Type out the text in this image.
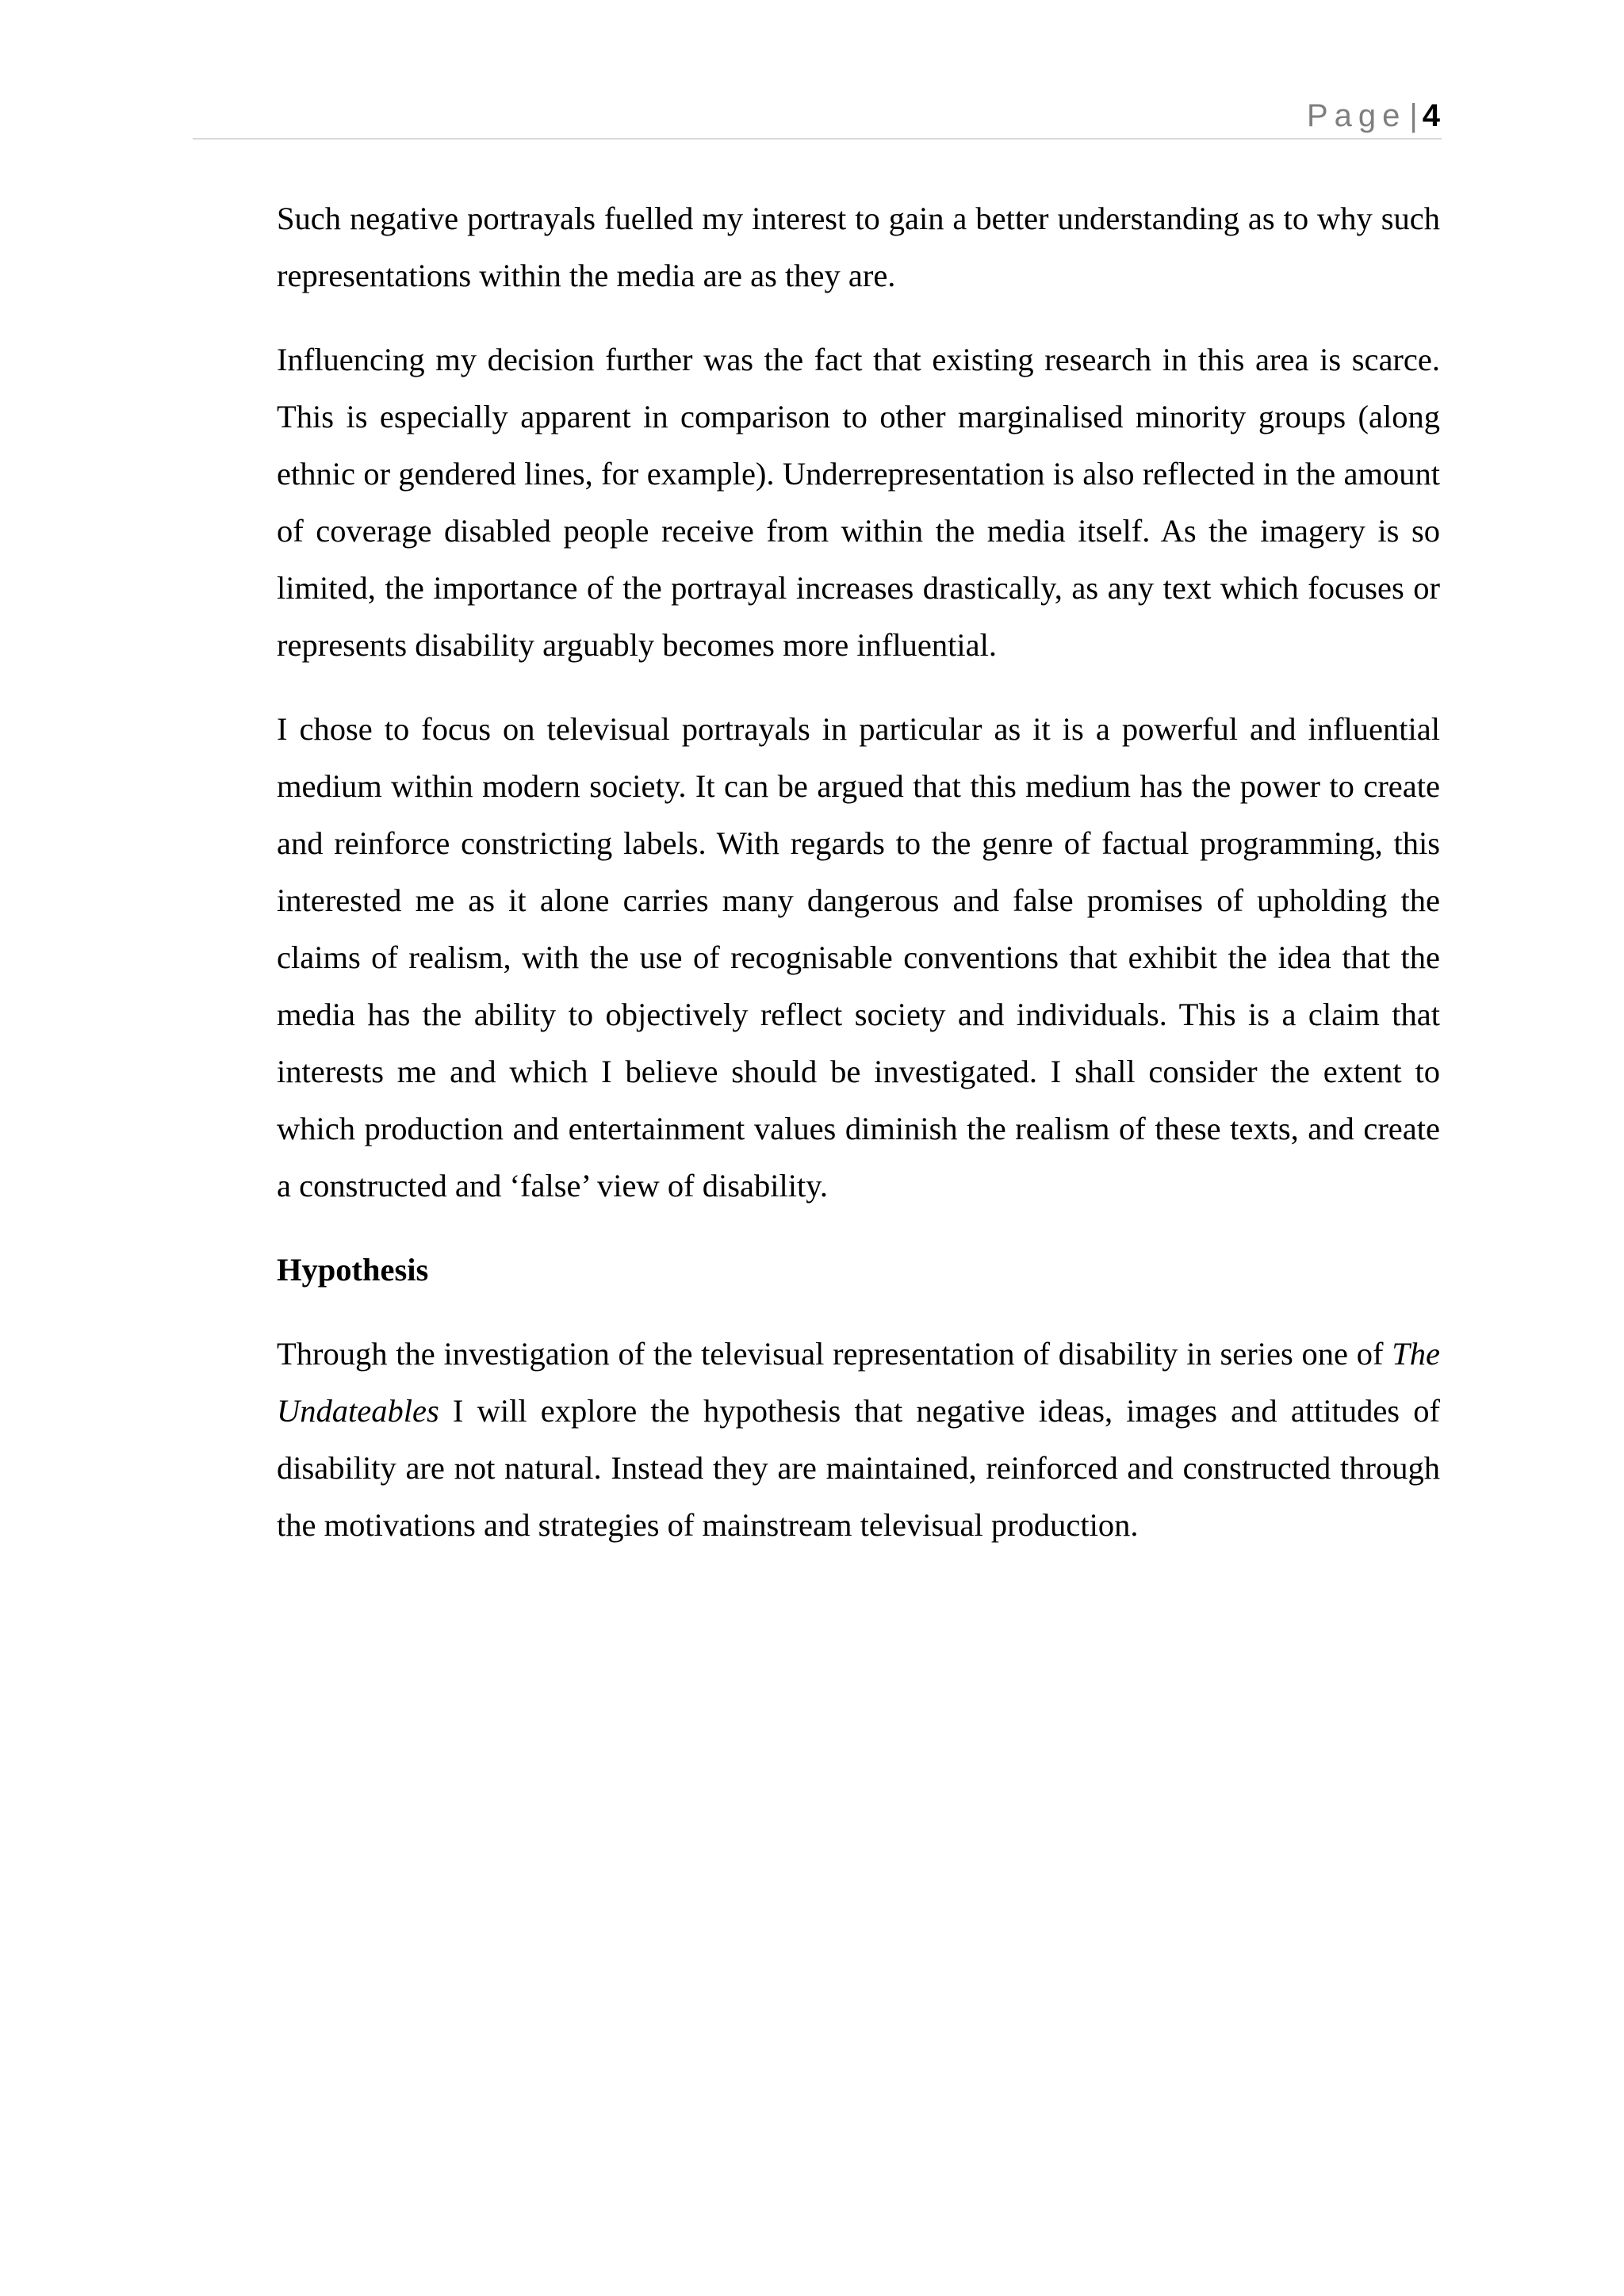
Page | 4

Such negative portrayals fuelled my interest to gain a better understanding as to why such representations within the media are as they are.

Influencing my decision further was the fact that existing research in this area is scarce. This is especially apparent in comparison to other marginalised minority groups (along ethnic or gendered lines, for example). Underrepresentation is also reflected in the amount of coverage disabled people receive from within the media itself. As the imagery is so limited, the importance of the portrayal increases drastically, as any text which focuses or represents disability arguably becomes more influential.

I chose to focus on televisual portrayals in particular as it is a powerful and influential medium within modern society. It can be argued that this medium has the power to create and reinforce constricting labels. With regards to the genre of factual programming, this interested me as it alone carries many dangerous and false promises of upholding the claims of realism, with the use of recognisable conventions that exhibit the idea that the media has the ability to objectively reflect society and individuals. This is a claim that interests me and which I believe should be investigated. I shall consider the extent to which production and entertainment values diminish the realism of these texts, and create a constructed and ‘false’ view of disability.

Hypothesis

Through the investigation of the televisual representation of disability in series one of The Undateables I will explore the hypothesis that negative ideas, images and attitudes of disability are not natural. Instead they are maintained, reinforced and constructed through the motivations and strategies of mainstream televisual production.
